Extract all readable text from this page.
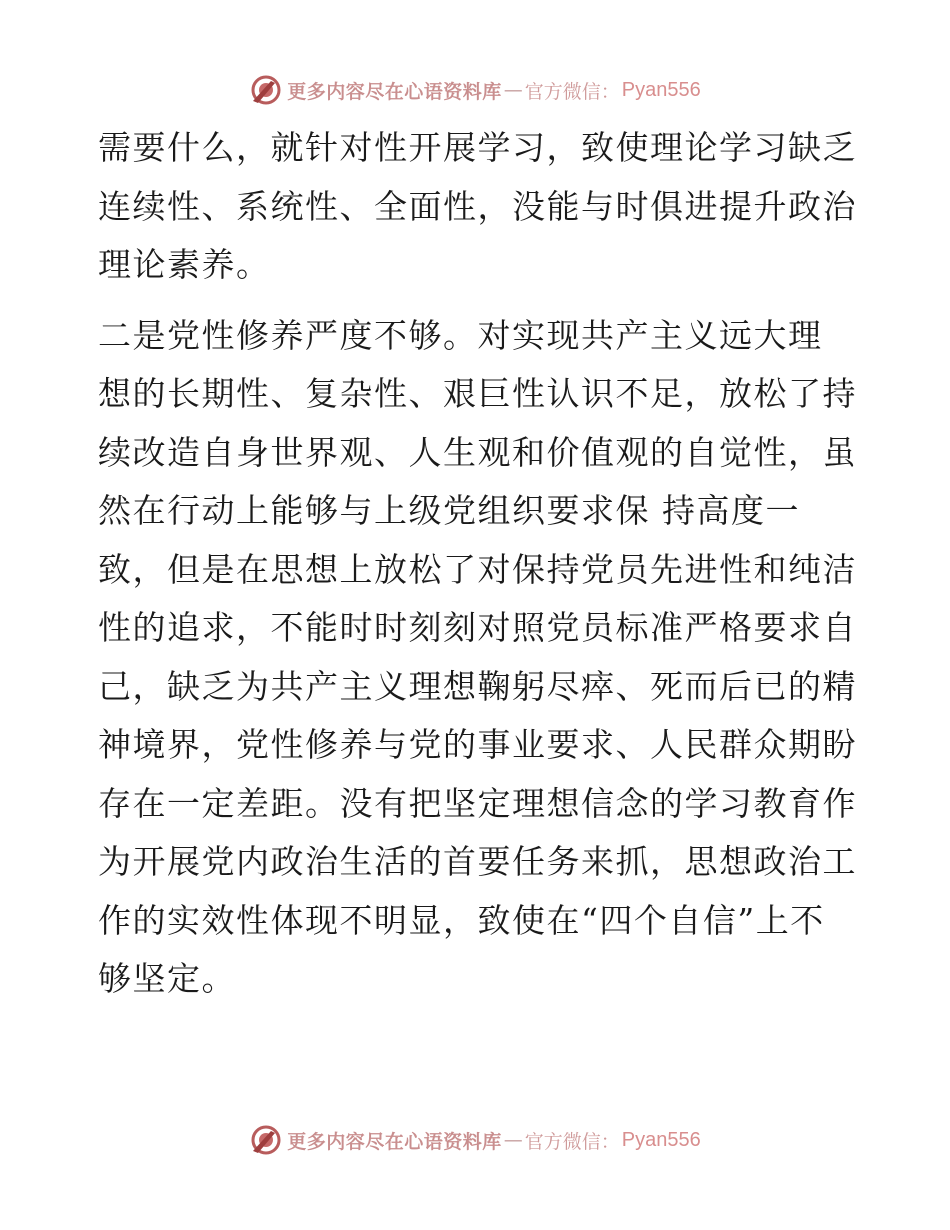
更多内容尽在心语资料库 — 官方微信： Pyan556
需要什么，就针对性开展学习，致使理论学习缺乏
连续性、系统性、全面性，没能与时俱进提升政治
理论素养。
二是党性修养严度不够。对实现共产主义远大理
想的长期性、复杂性、艰巨性认识不足，放松了持
续改造自身世界观、人生观和价值观的自觉性，虽
然在行动上能够与上级党组织要求保 持高度一
致，但是在思想上放松了对保持党员先进性和纯洁
性的追求，不能时时刻刻对照党员标准严格要求自
己，缺乏为共产主义理想鞠躬尽瘁、死而后已的精
神境界，党性修养与党的事业要求、人民群众期盼
存在一定差距。没有把坚定理想信念的学习教育作
为开展党内政治生活的首要任务来抓，思想政治工
作的实效性体现不明显，致使在“四个自信”上不
够坚定。
更多内容尽在心语资料库 — 官方微信： Pyan556
